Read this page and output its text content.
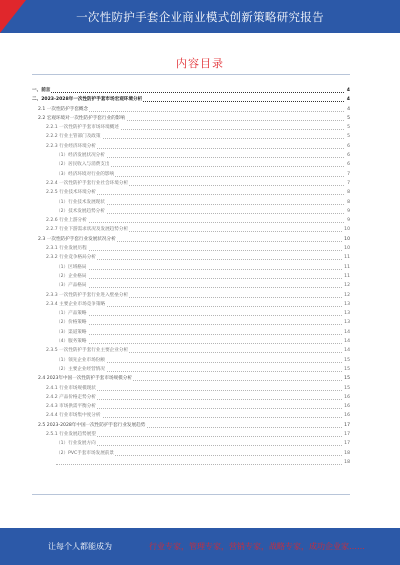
一次性防护手套企业商业模式创新策略研究报告
内容目录
一、前言	4
二、2023-2028年一次性防护手套市场宏观环境分析	4
2.1 一次性防护手套概念	4
2.2 宏观环境对一次性防护手套行业的影响	5
2.2.1 一次性防护手套市场环境概述	5
2.2.2 行业主管部门及政策	5
2.2.3 行业经济环境分析	6
（1）经济发展状况分析	6
（2）居民收入与消费支出	6
（3）经济环境对行业的影响	7
2.2.4 一次性防护手套行业社会环境分析	7
2.2.5 行业技术环境分析	8
（1）行业技术发展现状	8
（2）技术发展趋势分析	9
2.2.6 行业上游分析	9
2.2.7 行业下游需求状况及发展趋势分析	10
2.3 一次性防护手套行业发展状况分析	10
2.3.1 行业发展历程	10
2.3.2 行业竞争格局分析	11
（1）区域格局	11
（2）企业格局	11
（3）产品格局	12
2.3.3 一次性防护手套行业进入壁垒分析	12
2.3.4 主要企业市场竞争策略	13
（1）产品策略	13
（2）价格策略	13
（3）渠道策略	14
（4）服务策略	14
2.3.5 一次性防护手套行业主要企业分析	14
（1）领先企业市场份额	15
（2）主要企业经营情况	15
2.4 2023年中国一次性防护手套市场规模分析	15
2.4.1 行业市场规模现状	15
2.4.2 产品价格走势分析	16
2.4.3 市场供需平衡分析	16
2.4.4 行业市场集中度分析	16
2.5 2023-2028年中国一次性防护手套行业发展趋势	17
2.5.1 行业发展趋势展望	17
（1）行业发展方向	17
（2）PVC手套市场发展前景	18
18
让每个人都能成为	行业专家，管理专家，营销专家，战略专家，成功企业家……
